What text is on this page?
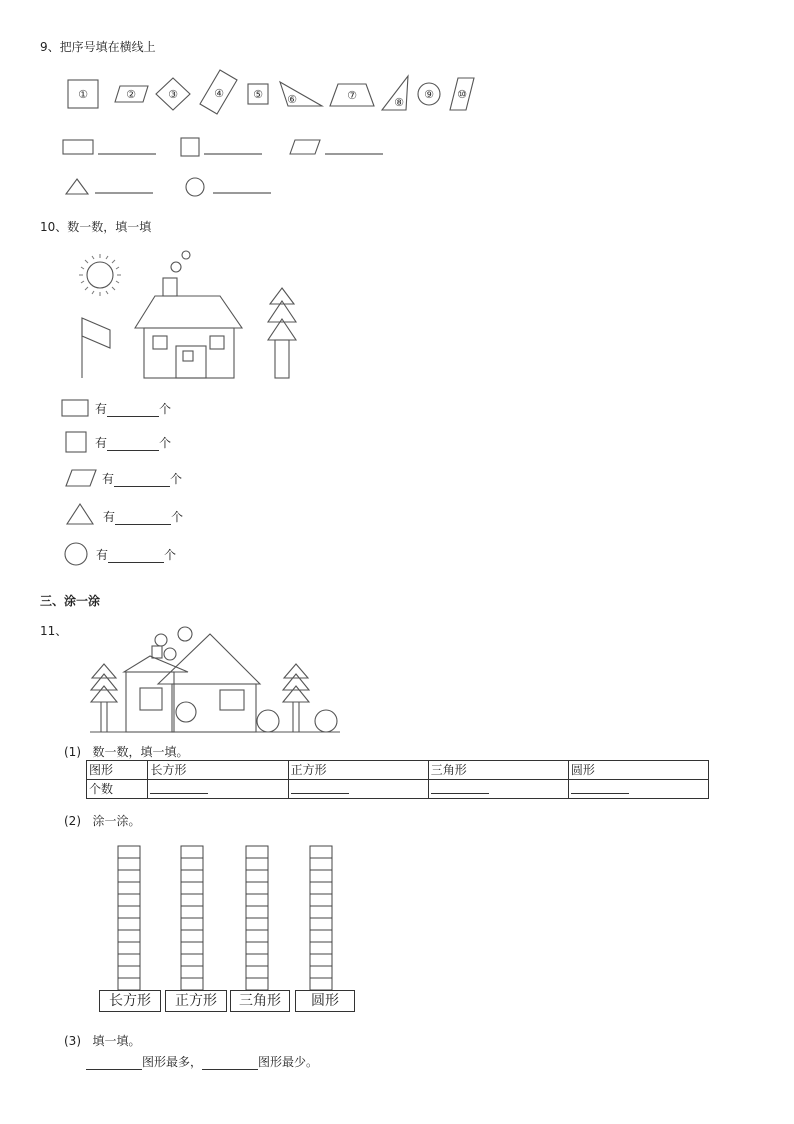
9、把序号填在横线上
①	②	③	④	⑤ ⑥	⑦
⑧
⑨ ⑩
10、数一数，填一填
有	个
有	个
有	个
有	个
有	个
三、涂一涂
11、
(1) 数一数，填一填。
图形	长方形	正方形	三角形	圆形
个数				
(2) 涂一涂。
长方形	正方形	三角形	圆形
(3) 填一填。
图形最多，	图形最少。
